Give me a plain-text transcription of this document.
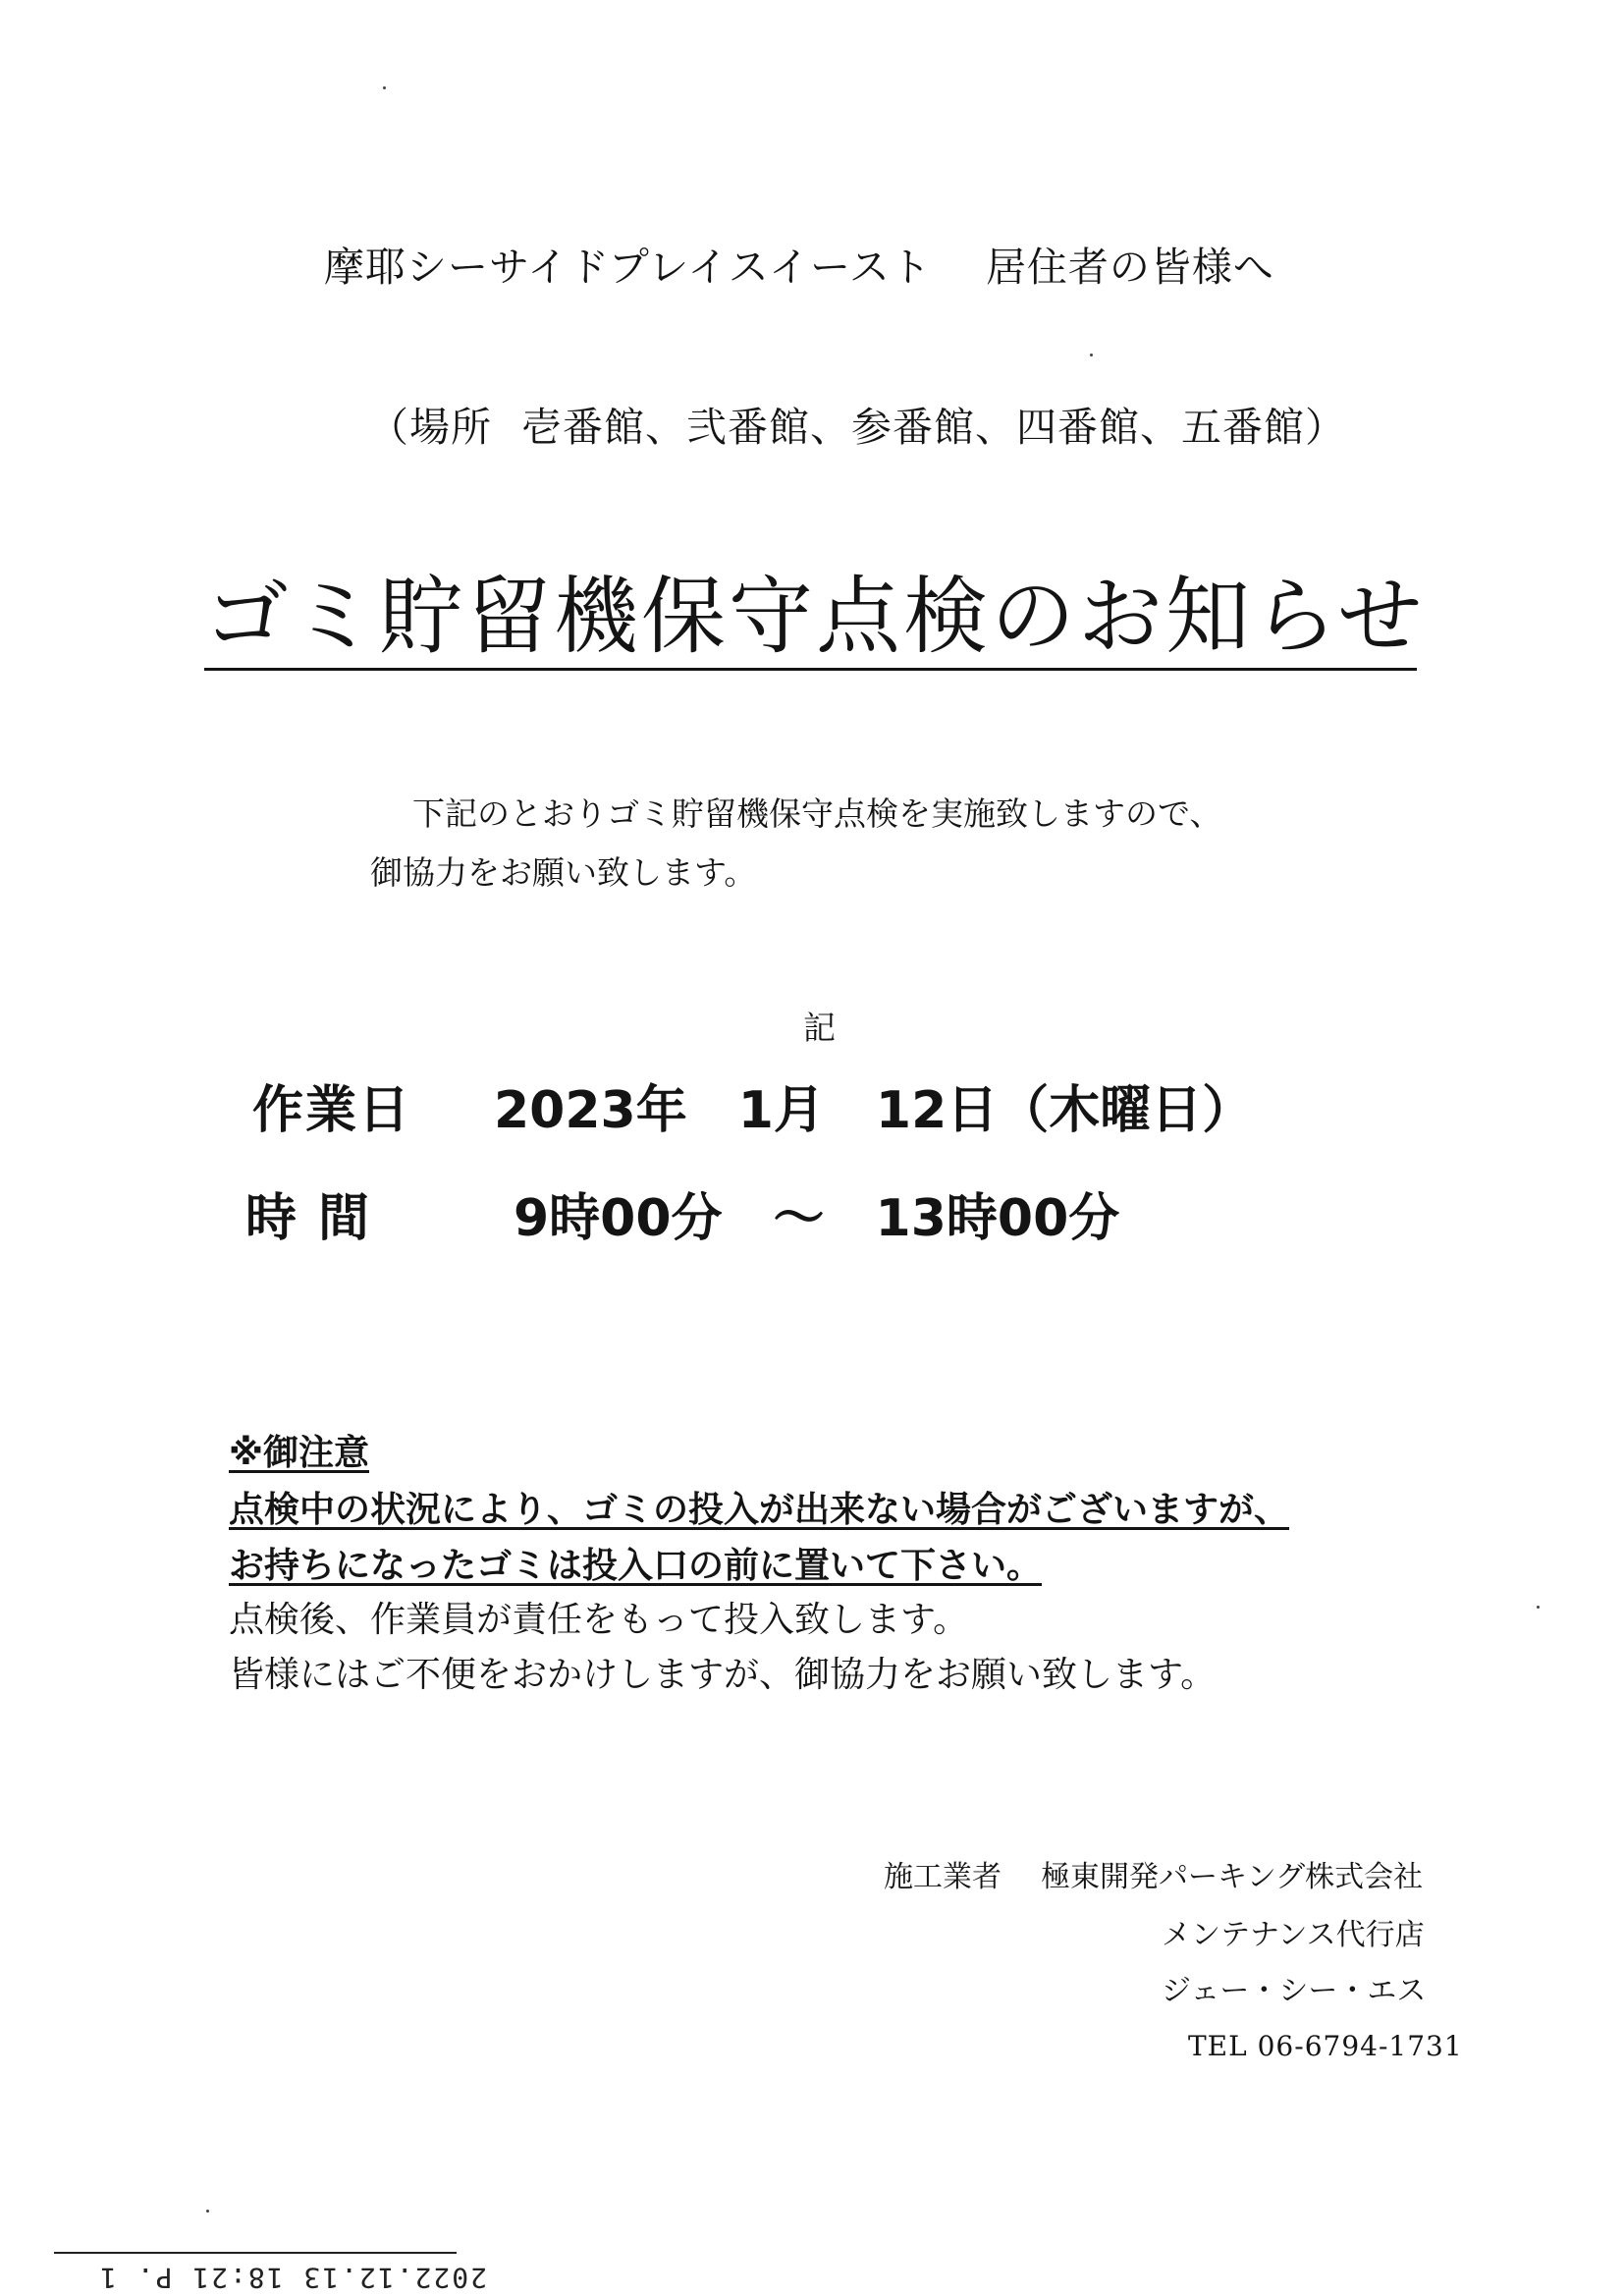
摩耶シーサイドプレイスイースト 居住者の皆様へ
（場所 壱番館、弐番館、参番館、四番館、五番館）
ゴミ貯留機保守点検のお知らせ
下記のとおりゴミ貯留機保守点検を実施致しますので、
御協力をお願い致します。
記
作業日 2023年　1月　12日（木曜日）
時間 9時00分　～　13時00分
※御注意
点検中の状況により、ゴミの投入が出来ない場合がございますが、
お持ちになったゴミは投入口の前に置いて下さい。
点検後、作業員が責任をもって投入致します。
皆様にはご不便をおかけしますが、御協力をお願い致します。
施工業者 極東開発パーキング株式会社
メンテナンス代行店
ジェー・シー・エス
TEL 06-6794-1731
2022.12.13 18:21 P. 1
